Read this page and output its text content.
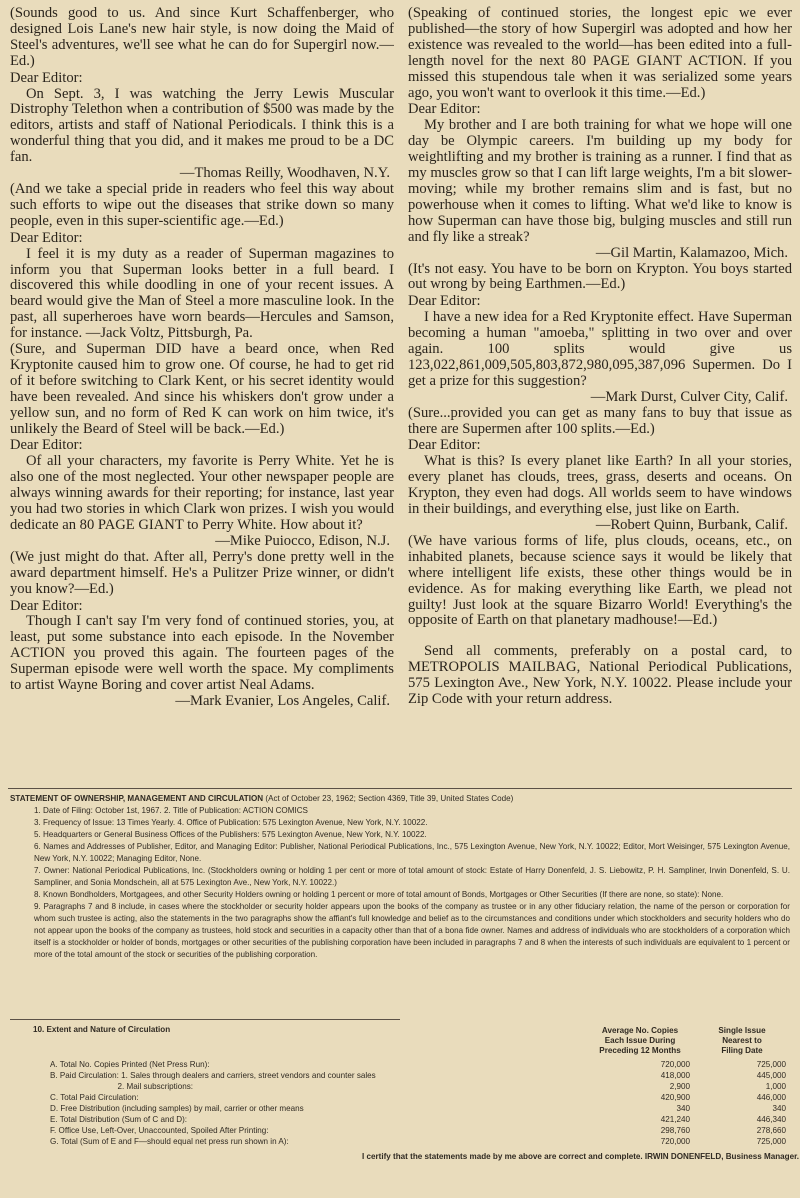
(Sounds good to us. And since Kurt Schaffenberger, who designed Lois Lane's new hair style, is now doing the Maid of Steel's adventures, we'll see what he can do for Supergirl now.—Ed.)
Dear Editor:
On Sept. 3, I was watching the Jerry Lewis Muscular Distrophy Telethon when a contribution of $500 was made by the editors, artists and staff of National Periodicals. I think this is a wonderful thing that you did, and it makes me proud to be a DC fan.
—Thomas Reilly, Woodhaven, N.Y.
(And we take a special pride in readers who feel this way about such efforts to wipe out the diseases that strike down so many people, even in this super-scientific age.—Ed.)
Dear Editor:
I feel it is my duty as a reader of Superman magazines to inform you that Superman looks better in a full beard. I discovered this while doodling in one of your recent issues. A beard would give the Man of Steel a more masculine look. In the past, all superheroes have worn beards—Hercules and Samson, for instance. —Jack Voltz, Pittsburgh, Pa.
(Sure, and Superman DID have a beard once, when Red Kryptonite caused him to grow one. Of course, he had to get rid of it before switching to Clark Kent, or his secret identity would have been revealed. And since his whiskers don't grow under a yellow sun, and no form of Red K can work on him twice, it's unlikely the Beard of Steel will be back.—Ed.)
Dear Editor:
Of all your characters, my favorite is Perry White. Yet he is also one of the most neglected. Your other newspaper people are always winning awards for their reporting; for instance, last year you had two stories in which Clark won prizes. I wish you would dedicate an 80 PAGE GIANT to Perry White. How about it?
—Mike Puiocco, Edison, N.J.
(We just might do that. After all, Perry's done pretty well in the award department himself. He's a Pulitzer Prize winner, or didn't you know?—Ed.)
Dear Editor:
Though I can't say I'm very fond of continued stories, you, at least, put some substance into each episode. In the November ACTION you proved this again. The fourteen pages of the Superman episode were well worth the space. My compliments to artist Wayne Boring and cover artist Neal Adams.
—Mark Evanier, Los Angeles, Calif.
(Speaking of continued stories, the longest epic we ever published—the story of how Supergirl was adopted and how her existence was revealed to the world—has been edited into a full-length novel for the next 80 PAGE GIANT ACTION. If you missed this stupendous tale when it was serialized some years ago, you won't want to overlook it this time.—Ed.)
Dear Editor:
My brother and I are both training for what we hope will one day be Olympic careers. I'm building up my body for weightlifting and my brother is training as a runner. I find that as my muscles grow so that I can lift large weights, I'm a bit slower-moving; while my brother remains slim and is fast, but no powerhouse when it comes to lifting. What we'd like to know is how Superman can have those big, bulging muscles and still run and fly like a streak?
—Gil Martin, Kalamazoo, Mich.
(It's not easy. You have to be born on Krypton. You boys started out wrong by being Earthmen.—Ed.)
Dear Editor:
I have a new idea for a Red Kryptonite effect. Have Superman becoming a human "amoeba," splitting in two over and over again. 100 splits would give us 123,022,861,009,505,803,872,980,095,387,096 Supermen. Do I get a prize for this suggestion?
—Mark Durst, Culver City, Calif.
(Sure...provided you can get as many fans to buy that issue as there are Supermen after 100 splits.—Ed.)
Dear Editor:
What is this? Is every planet like Earth? In all your stories, every planet has clouds, trees, grass, deserts and oceans. On Krypton, they even had dogs. All worlds seem to have windows in their buildings, and everything else, just like on Earth.
—Robert Quinn, Burbank, Calif.
(We have various forms of life, plus clouds, oceans, etc., on inhabited planets, because science says it would be likely that where intelligent life exists, these other things would be in evidence. As for making everything like Earth, we plead not guilty! Just look at the square Bizarro World! Everything's the opposite of Earth on that planetary madhouse!—Ed.)
Send all comments, preferably on a postal card, to METROPOLIS MAILBAG, National Periodical Publications, 575 Lexington Ave., New York, N.Y. 10022. Please include your Zip Code with your return address.

STATEMENT OF OWNERSHIP, MANAGEMENT AND CIRCULATION (Act of October 23, 1962; Section 4369, Title 39, United States Code)

1. Date of Filing: October 1st, 1967. 2. Title of Publication: ACTION COMICS

3. Frequency of Issue: 13 Times Yearly. 4. Office of Publication: 575 Lexington Avenue, New York, N.Y. 10022.

5. Headquarters or General Business Offices of the Publishers: 575 Lexington Avenue, New York, N.Y. 10022.

6. Names and Addresses of Publisher, Editor, and Managing Editor: Publisher, National Periodical Publications, Inc., 575 Lexington Avenue, New York, N.Y. 10022; Editor, Mort Weisinger, 575 Lexington Avenue, New York, N.Y. 10022; Managing Editor, None.

7. Owner: National Periodical Publications, Inc. (Stockholders owning or holding 1 per cent or more of total amount of stock: Estate of Harry Donenfeld, J. S. Liebowitz, P. H. Sampliner, Irwin Donenfeld, S. U. Sampliner, and Sonia Mondschein, all at 575 Lexington Ave., New York, N.Y. 10022.)

8. Known Bondholders, Mortgagees, and other Security Holders owning or holding 1 percent or more of total amount of Bonds, Mortgages or Other Securities (If there are none, so state): None.

9. Paragraphs 7 and 8 include, in cases where the stockholder or security holder appears upon the books of the company as trustee or in any other fiduciary relation, the name of the person or corporation for whom such trustee is acting, also the statements in the two paragraphs show the affiant's full knowledge and belief as to the circumstances and conditions under which stockholders and security holders who do not appear upon the books of the company as trustees, hold stock and securities in a capacity other than that of a bona fide owner. Names and address of individuals who are stockholders of a corporation which itself is a stockholder or holder of bonds, mortgages or other securities of the publishing corporation have been included in paragraphs 7 and 8 when the interests of such individuals are equivalent to 1 percent or more of the total amount of the stock or securities of the publishing corporation.

10. Extent and Nature of Circulation	Average No. Copies
Each Issue During
Preceding 12 Months
Single Issue
Nearest to
Filing Date
A. Total No. Copies Printed (Net Press Run):	720,000	725,000
B. Paid Circulation: 1. Sales through dealers and carriers, street vendors and counter sales	418,000	445,000
2. Mail subscriptions:	2,900	1,000
C. Total Paid Circulation:	420,900	446,000
D. Free Distribution (including samples) by mail, carrier or other means	340	340
E. Total Distribution (Sum of C and D):	421,240	446,340
F. Office Use, Left-Over, Unaccounted, Spoiled After Printing:	298,760	278,660
G. Total (Sum of E and F—should equal net press run shown in A):	720,000	725,000
I certify that the statements made by me above are correct and complete. IRWIN DONENFELD, Business Manager.
